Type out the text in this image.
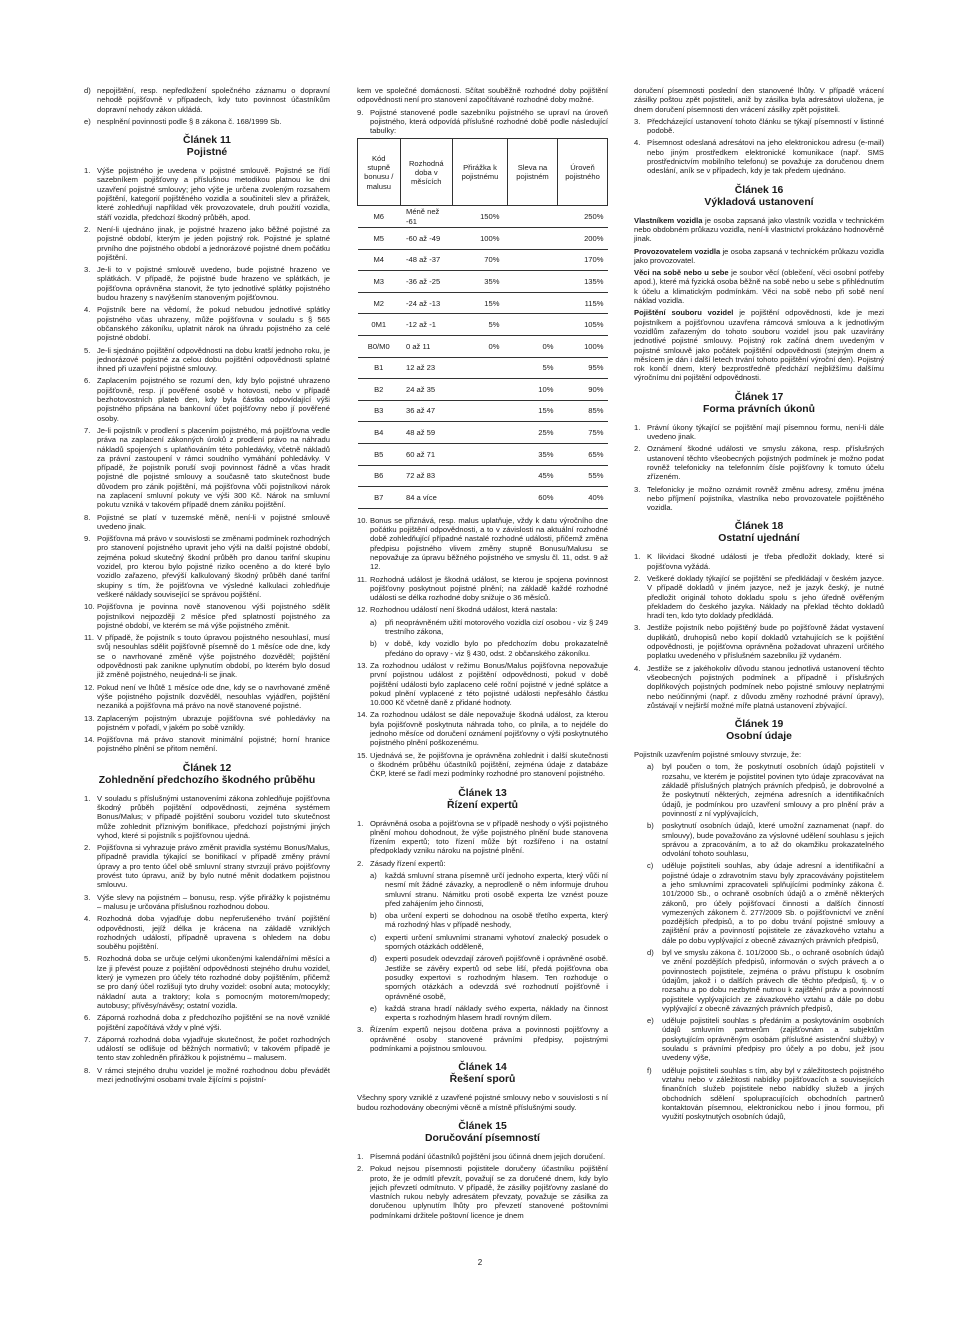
d) nepojištění, resp. nepředložení společného záznamu o dopravní nehodě pojišťovně v případech, kdy tuto povinnost účastníkům dopravní nehody zákon ukládá.
e) nesplnění povinnosti podle § 8 zákona č. 168/1999 Sb.
Článek 11
Pojistné
1. Výše pojistného je uvedena v pojistné smlouvě. Pojistné se řídí sazebníkem pojišťovny a příslušnou metodikou platnou ke dni uzavření pojistné smlouvy; jeho výše je určena zvoleným rozsahem pojištění, kategorií pojištěného vozidla a součiniteli slev a přirážek, které zohledňují například věk provozovatele, druh použití vozidla, stáří vozidla, předchozí škodný průběh, apod.
2. Není-li ujednáno jinak, je pojistné hrazeno jako běžné pojistné za pojistné období, kterým je jeden pojistný rok. Pojistné je splatné prvního dne pojistného období a jednorázové pojistné dnem počátku pojištění.
3. Je-li to v pojistné smlouvě uvedeno, bude pojistné hrazeno ve splátkách. V případě, že pojistné bude hrazeno ve splátkách, je pojišťovna oprávněna stanovit, že tyto jednotlivé splátky pojistného budou hrazeny s navýšením stanoveným pojišťovnou.
4. Pojistník bere na vědomí, že pokud nebudou jednotlivé splátky pojistného včas uhrazeny, může pojišťovna v souladu s § 565 občanského zákoníku, uplatnit nárok na úhradu pojistného za celé pojistné období.
5. Je-li sjednáno pojištění odpovědnosti na dobu kratší jednoho roku, je jednorázové pojistné za celou dobu pojištění odpovědnosti splatné ihned při uzavření pojistné smlouvy.
6. Zaplacením pojistného se rozumí den, kdy bylo pojistné uhrazeno pojišťovně, resp. jí pověřené osobě v hotovosti, nebo v případě bezhotovostních plateb den, kdy byla částka odpovídající výši pojistného připsána na bankovní účet pojišťovny nebo jí pověřené osoby.
7. Je-li pojistník v prodlení s placením pojistného, má pojišťovna vedle práva na zaplacení zákonných úroků z prodlení právo na náhradu nákladů spojených s uplatňováním této pohledávky, včetně nákladů za právní zastoupení v rámci soudního vymáhání pohledávky. V případě, že pojistník poruší svoji povinnost řádně a včas hradit pojistné dle pojistné smlouvy a současně tato skutečnost bude důvodem pro zánik pojištění, má pojišťovna vůči pojistníkovi nárok na zaplacení smluvní pokuty ve výši 300 Kč. Nárok na smluvní pokutu vzniká v takovém případě dnem zániku pojištění.
8. Pojistné se platí v tuzemské měně, není-li v pojistné smlouvě uvedeno jinak.
9. Pojišťovna má právo v souvislosti se změnami podmínek rozhodných pro stanovení pojistného upravit jeho výši na další pojistné období, zejména pokud skutečný škodní průběh pro danou tarifní skupinu vozidel, pro kterou bylo pojistné riziko oceněno a do které bylo vozidlo zařazeno, převýší kalkulovaný škodný průběh dané tarifní skupiny s tím, že pojišťovna ve výsledné kalkulaci zohledňuje veškeré náklady související se správou pojištění.
10. Pojišťovna je povinna nově stanovenou výši pojistného sdělit pojistníkovi nejpozději 2 měsíce před splatností pojistného za pojistné období, ve kterém se má výše pojistného změnit.
11. V případě, že pojistník s touto úpravou pojistného nesouhlasí, musí svůj nesouhlas sdělit pojišťovně písemně do 1 měsíce ode dne, kdy se o navrhované změně výše pojistného dozvěděl; pojištění odpovědnosti pak zanikne uplynutím období, po kterém bylo dosud již změně pojistného, neujedná-li se jinak.
12. Pokud není ve lhůtě 1 měsíce ode dne, kdy se o navrhované změně výše pojistného pojistník dozvěděl, nesouhlas vyjádřen, pojištění nezaniká a pojišťovna má právo na nově stanovené pojistné.
13. Zaplaceným pojistným ubrazuje pojišťovna své pohledávky na pojistném v pořadí, v jakém po sobě vznikly.
14. Pojišťovna má právo stanovit minimální pojistné; horní hranice pojistného plnění se přitom nemění.
Článek 12
Zohlednění předchozího škodného průběhu
1. V souladu s příslušnými ustanoveními zákona zohledňuje pojišťovna škodný průběh pojištění odpovědnosti, zejména systémem Bonus/Malus; v případě pojištění souboru vozidel tuto skutečnost může zohlednit příznivým bonifikace, předchozí pojistnými jiných vyhod, které si pojistník s pojišťovnou ujedná.
2. Pojišťovna si vyhrazuje právo změnit pravidla systému Bonus/Malus, případně pravidla týkající se bonifikací v případě změny právní úpravy a pro tento účel obě smluvní strany stvrzují právo pojišťovny provést tuto úpravu, aniž by bylo nutné měnit dodatkem pojistnou smlouvu.
3. Výše slevy na pojistném – bonusu, resp. výše přirážky k pojistnému – malusu je určována příslušnou rozhodnou dobou.
4. Rozhodná doba vyjadřuje dobu nepřerušeného trvání pojištění odpovědnosti, jejíž délka je krácena na základě vzniklých rozhodných událostí, případně upravena s ohledem na dobu souběhu pojištění.
5. Rozhodná doba se určuje celými ukončenými kalendářními měsíci a lze ji převést pouze z pojištění odpovědnosti stejného druhu vozidel, který je vymezen pro účely této rozhodné doby pojištěním, přičemž se pro daný účel rozlišují tyto druhy vozidel: osobní auta; motocykly; nákladní auta a traktory; kola s pomocným motorem/mopedy; autobusy; přívěsy/návěsy; ostatní vozidla.
6. Záporná rozhodná doba z předchozího pojištění se na nově vzniklé pojištění započítává vždy v plné výši.
7. Záporná rozhodná doba vyjadřuje skutečnost, že počet rozhodných událostí se odlišuje od běžných normativů; v takovém případě je tento stav zohledněn přirážkou k pojistnému – malusem.
8. V rámci stejného druhu vozidel je možné rozhodnou dobu převádět mezi jednotlivými osobami trvale žijícími s pojistní-
kem ve společné domácnosti. Sčítat souběžně rozhodné doby pojištění odpovědnosti není pro stanovení započítávané rozhodné doby možné.
9. Pojistné stanovené podle sazebníku pojistného se upraví na úroveň pojistného, která odpovídá příslušné rozhodné době podle následující tabulky:
Kód stupně bonusu / malusu	Rozhodná doba v měsících	Přirážka k pojistnému	Sleva na pojistném	Úroveň pojistného
M6	Méně než -61	150%		250%
M5	-60 až -49	100%		200%
M4	-48 až -37	70%		170%
M3	-36 až -25	35%		135%
M2	-24 až -13	15%		115%
0M1	-12 až -1	5%		105%
B0/M0	0 až 11	0%	0%	100%
B1	12 až 23		5%	95%
B2	24 až 35		10%	90%
B3	36 až 47		15%	85%
B4	48 až 59		25%	75%
B5	60 až 71		35%	65%
B6	72 až 83		45%	55%
B7	84 a více		60%	40%
10. Bonus se přiznává, resp. malus uplatňuje, vždy k datu výročního dne počátku pojištění odpovědnosti, a to v závislosti na aktuální rozhodné době zohledňující případné nastalé rozhodné události, přičemž změna předpisu pojistného vlivem změny stupně Bonusu/Malusu se nepovažuje za úpravu běžného pojistného ve smyslu čl. 11, odst. 9 až 12.
11. Rozhodná událost je škodná událost, se kterou je spojena povinnost pojišťovny poskytnout pojistné plnění; na základě každé rozhodné události se délka rozhodné doby snižuje o 36 měsíců.
12. Rozhodnou událostí není škodná událost, která nastala:
a)	při neoprávněném užití motorového vozidla cizí osobou - viz § 249 trestního zákona,
b)	v době, kdy vozidlo bylo po předchozím dobu prokazatelně předáno do opravy - viz § 430, odst. 2 občanského zákoníku.
13. Za rozhodnou událost v režimu Bonus/Malus pojišťovna nepovažuje první pojistnou událost z pojištění odpovědnosti, pokud v době pojištění události bylo zaplaceno celé roční pojistné v jedné splátce a pokud plnění vyplacené z této pojistné události nepřesáhlo částku 10.000 Kč včetně daně z přidané hodnoty.
14. Za rozhodnou událost se dále nepovažuje škodná událost, za kterou byla pojišťovně poskytnuta náhrada toho, co plnila, a to nejdéle do jednoho měsíce od doručení oznámení pojišťovny o výši poskytnutého pojistného plnění poškozenému.
15. Ujednává se, že pojišťovna je oprávněna zohlednit i další skutečnosti o škodném průběhu účastníků pojištění, zejména údaje z databáze ČKP, které se řadí mezi podmínky rozhodné pro stanovení pojistného.
Článek 13
Řízení expertů
1. Oprávněná osoba a pojišťovna se v případě neshody o výši pojistného plnění mohou dohodnout, že výše pojistného plnění bude stanovena řízením expertů; toto řízení může být rozšířeno i na ostatní předpoklady vzniku nároku na pojistné plnění.
2. Zásady řízení expertů:
a)	každá smluvní strana písemně určí jednoho experta, který vůči ní nesmí mít žádné závazky, a neprodleně o něm informuje druhou smluvní stranu. Námitku proti osobě experta lze vznést pouze před zahájením jeho činnosti,
b)	oba určení experti se dohodnou na osobě třetího experta, který má rozhodný hlas v případě neshody,
c)	experti určení smluvními stranami vyhotoví znalecký posudek o sporných otázkách odděleně,
d)	experti posudek odevzdají zároveň pojišťovně i oprávněné osobě. Jestliže se závěry expertů od sebe liší, předá pojišťovna oba posudky expertovi s rozhodným hlasem. Ten rozhoduje o sporných otázkách a odevzdá své rozhodnutí pojišťovně i oprávněné osobě,
e)	každá strana hradí náklady svého experta, náklady na činnost experta s rozhodným hlasem hradí rovným dílem.
3. Řízením expertů nejsou dotčena práva a povinnosti pojišťovny a oprávněné osoby stanovené právními předpisy, pojistnými podmínkami a pojistnou smlouvou.
Článek 14
Řešení sporů
Všechny spory vzniklé z uzavřené pojistné smlouvy nebo v souvislosti s ní budou rozhodovány obecnými věcně a místně příslušnými soudy.
Článek 15
Doručování písemností
1. Písemná podání účastníků pojištění jsou účinná dnem jejich doručení.
2. Pokud nejsou písemnosti pojistitele doručeny účastníku pojištění proto, že je odmítl převzít, považují se za doručené dnem, kdy bylo jejich převzetí odmítnuto. V případě, že zásilky pojišťovny zaslané do vlastních rukou nebyly adresátem převzaty, považuje se zásilka za doručenou uplynutím lhůty pro převzetí stanovené poštovními podmínkami držitele poštovní licence je dnem
doručení písemnosti poslední den stanovené lhůty. V případě vrácení zásilky poštou zpět pojistiteli, aniž by zásilka byla adresátovi uložena, je dnem doručení písemnosti den vrácení zásilky zpět pojistiteli.
3. Předcházející ustanovení tohoto článku se týkají písemností v listinné podobě.
4. Písemnost odeslaná adresátovi na jeho elektronickou adresu (e-mail) nebo jiným prostředkem elektronické komunikace (např. SMS prostřednictvím mobilního telefonu) se považuje za doručenou dnem odeslání, aník se v případech, kdy je tak předem ujednáno.
Článek 16
Výkladová ustanovení
Vlastníkem vozidla je osoba zapsaná jako vlastník vozidla v technickém nebo obdobném průkazu vozidla, není-li vlastnictví prokázáno hodnověrně jinak.
Provozovatelem vozidla je osoba zapsaná v technickém průkazu vozidla jako provozovatel.
Věci na sobě nebo u sebe je soubor věcí (oblečení, věci osobní potřeby apod.), které má fyzická osoba běžně na sobě nebo u sebe s přihlédnutím k účelu a klimatickým podmínkám. Věci na sobě nebo při sobě není náklad vozidla.
Pojištění souboru vozidel je pojištění odpovědnosti, kde je mezi pojistníkem a pojišťovnou uzavřena rámcová smlouva a k jednotlivým vozidlům zařazeným do tohoto souboru vozidel jsou pak uzavírány jednotlivé pojistné smlouvy. Pojistný rok začíná dnem uvedeným v pojistné smlouvě jako počátek pojištění odpovědnosti (stejným dnem a měsícem je dán i další letech trvání tohoto pojištění výroční den). Pojistný rok končí dnem, který bezprostředně předchází nejbližšímu dalšímu výročnímu dni pojištění odpovědnosti.
Článek 17
Forma právních úkonů
1. Právní úkony týkající se pojištění mají písemnou formu, není-li dále uvedeno jinak.
2. Oznámení škodné události ve smyslu zákona, resp. příslušných ustanovení těchto všeobecných pojistných podmínek je možno podat rovněž telefonicky na telefonním čísle pojišťovny k tomuto účelu zřízeném.
3. Telefonicky je možno oznámit rovněž změnu adresy, změnu jména nebo příjmení pojistníka, vlastníka nebo provozovatele pojištěného vozidla.
Článek 18
Ostatní ujednání
1. K likvidaci škodné události je třeba předložit doklady, které si pojišťovna vyžádá.
2. Veškeré doklady týkající se pojištění se předkládají v českém jazyce. V případě dokladů v jiném jazyce, než je jazyk český, je nutné předložit originál tohoto dokladu spolu s jeho úředně ověřeným překladem do českého jazyka. Náklady na překlad těchto dokladů hradí ten, kdo tyto doklady předkládá.
3. Jestliže pojistník nebo pojištěný bude po pojišťovně žádat vystavení duplikátů, druhopisů nebo kopií dokladů vztahujících se k pojištění odpovědnosti, je pojišťovna oprávněna požadovat uhrazení určitého poplatku uvedeného v příslušném sazebníku již vydaném.
4. Jestliže se z jakéhokoliv důvodu stanou jednotlivá ustanovení těchto všeobecných pojistných podmínek a případně i příslušných doplňkových pojistných podmínek nebo pojistné smlouvy neplatnými nebo neúčinnými (např. z důvodu změny rozhodné právní úpravy), zůstávají v nejširší možné míře platná ustanovení zbývající.
Článek 19
Osobní údaje
Pojistník uzavřením pojistné smlouvy stvrzuje, že:
a)	byl poučen o tom, že poskytnutí osobních údajů pojistitelí v rozsahu, ve kterém je pojistitel povinen tyto údaje zpracovávat na základě příslušných platných právních předpisů, je dobrovolné a že poskytnutí některých, zejména adresních a identifikačních údajů, je podmínkou pro uzavření smlouvy a pro plnění práv a povinností z ní vyplývajících,
b)	poskytnutí osobních údajů, které umožní zaznamenat (např. do smlouvy), bude považováno za výslovné udělení souhlasu s jejich správou a zpracováním, a to až do okamžiku prokazatelného odvolání tohoto souhlasu,
c)	uděluje pojistiteli souhlas, aby údaje adresní a identifikační a pojistné údaje o zdravotním stavu byly zpracovávány pojistitelem a jeho smluvními zpracovateli splňujícími podmínky zákona č. 101/2000 Sb., o ochraně osobních údajů a o změně některých zákonů, pro účely pojišťovací činnosti a dalších činností vymezených zákonem č. 277/2009 Sb. o pojišťovnictví ve znění pozdějších předpisů, a to po dobu trvání pojistné smlouvy a zajištění práv a povinností pojistitele ze závazkového vztahu a dále po dobu vyplývající z obecně závazných právních předpisů,
d)	byl ve smyslu zákona č. 101/2000 Sb., o ochraně osobních údajů ve znění pozdějších předpisů, informován o svých právech a o povinnostech pojistitele, zejména o právu přístupu k osobním údajům, jakož i o dalších právech dle těchto předpisů, tj. v o rozsahu a po dobu nezbytně nutnou k zajištění práv a povinností pojistitele vyplývajících ze závazkového vztahu a dále po dobu vyplývající z obecně závazných právních předpisů,
e)	uděluje pojistiteli souhlas s předáním a poskytováním osobních údajů smluvním partnerům (zajišťovnám a subjektům poskytujícím oprávněným osobám příslušné asistenční služby) v souladu s právními předpisy pro účely a po dobu, jež jsou uvedeny výše,
f)	uděluje pojistiteli souhlas s tím, aby byl v záležitostech pojistného vztahu nebo v záležitosti nabídky pojišťovacích a souvisejících finančních služeb pojistitele nebo nabídky služeb a jiných obchodních sdělení spolupracujících obchodních partnerů kontaktován písemnou, elektronickou nebo i jinou formou, při využití poskytnutých osobních údajů,
2
